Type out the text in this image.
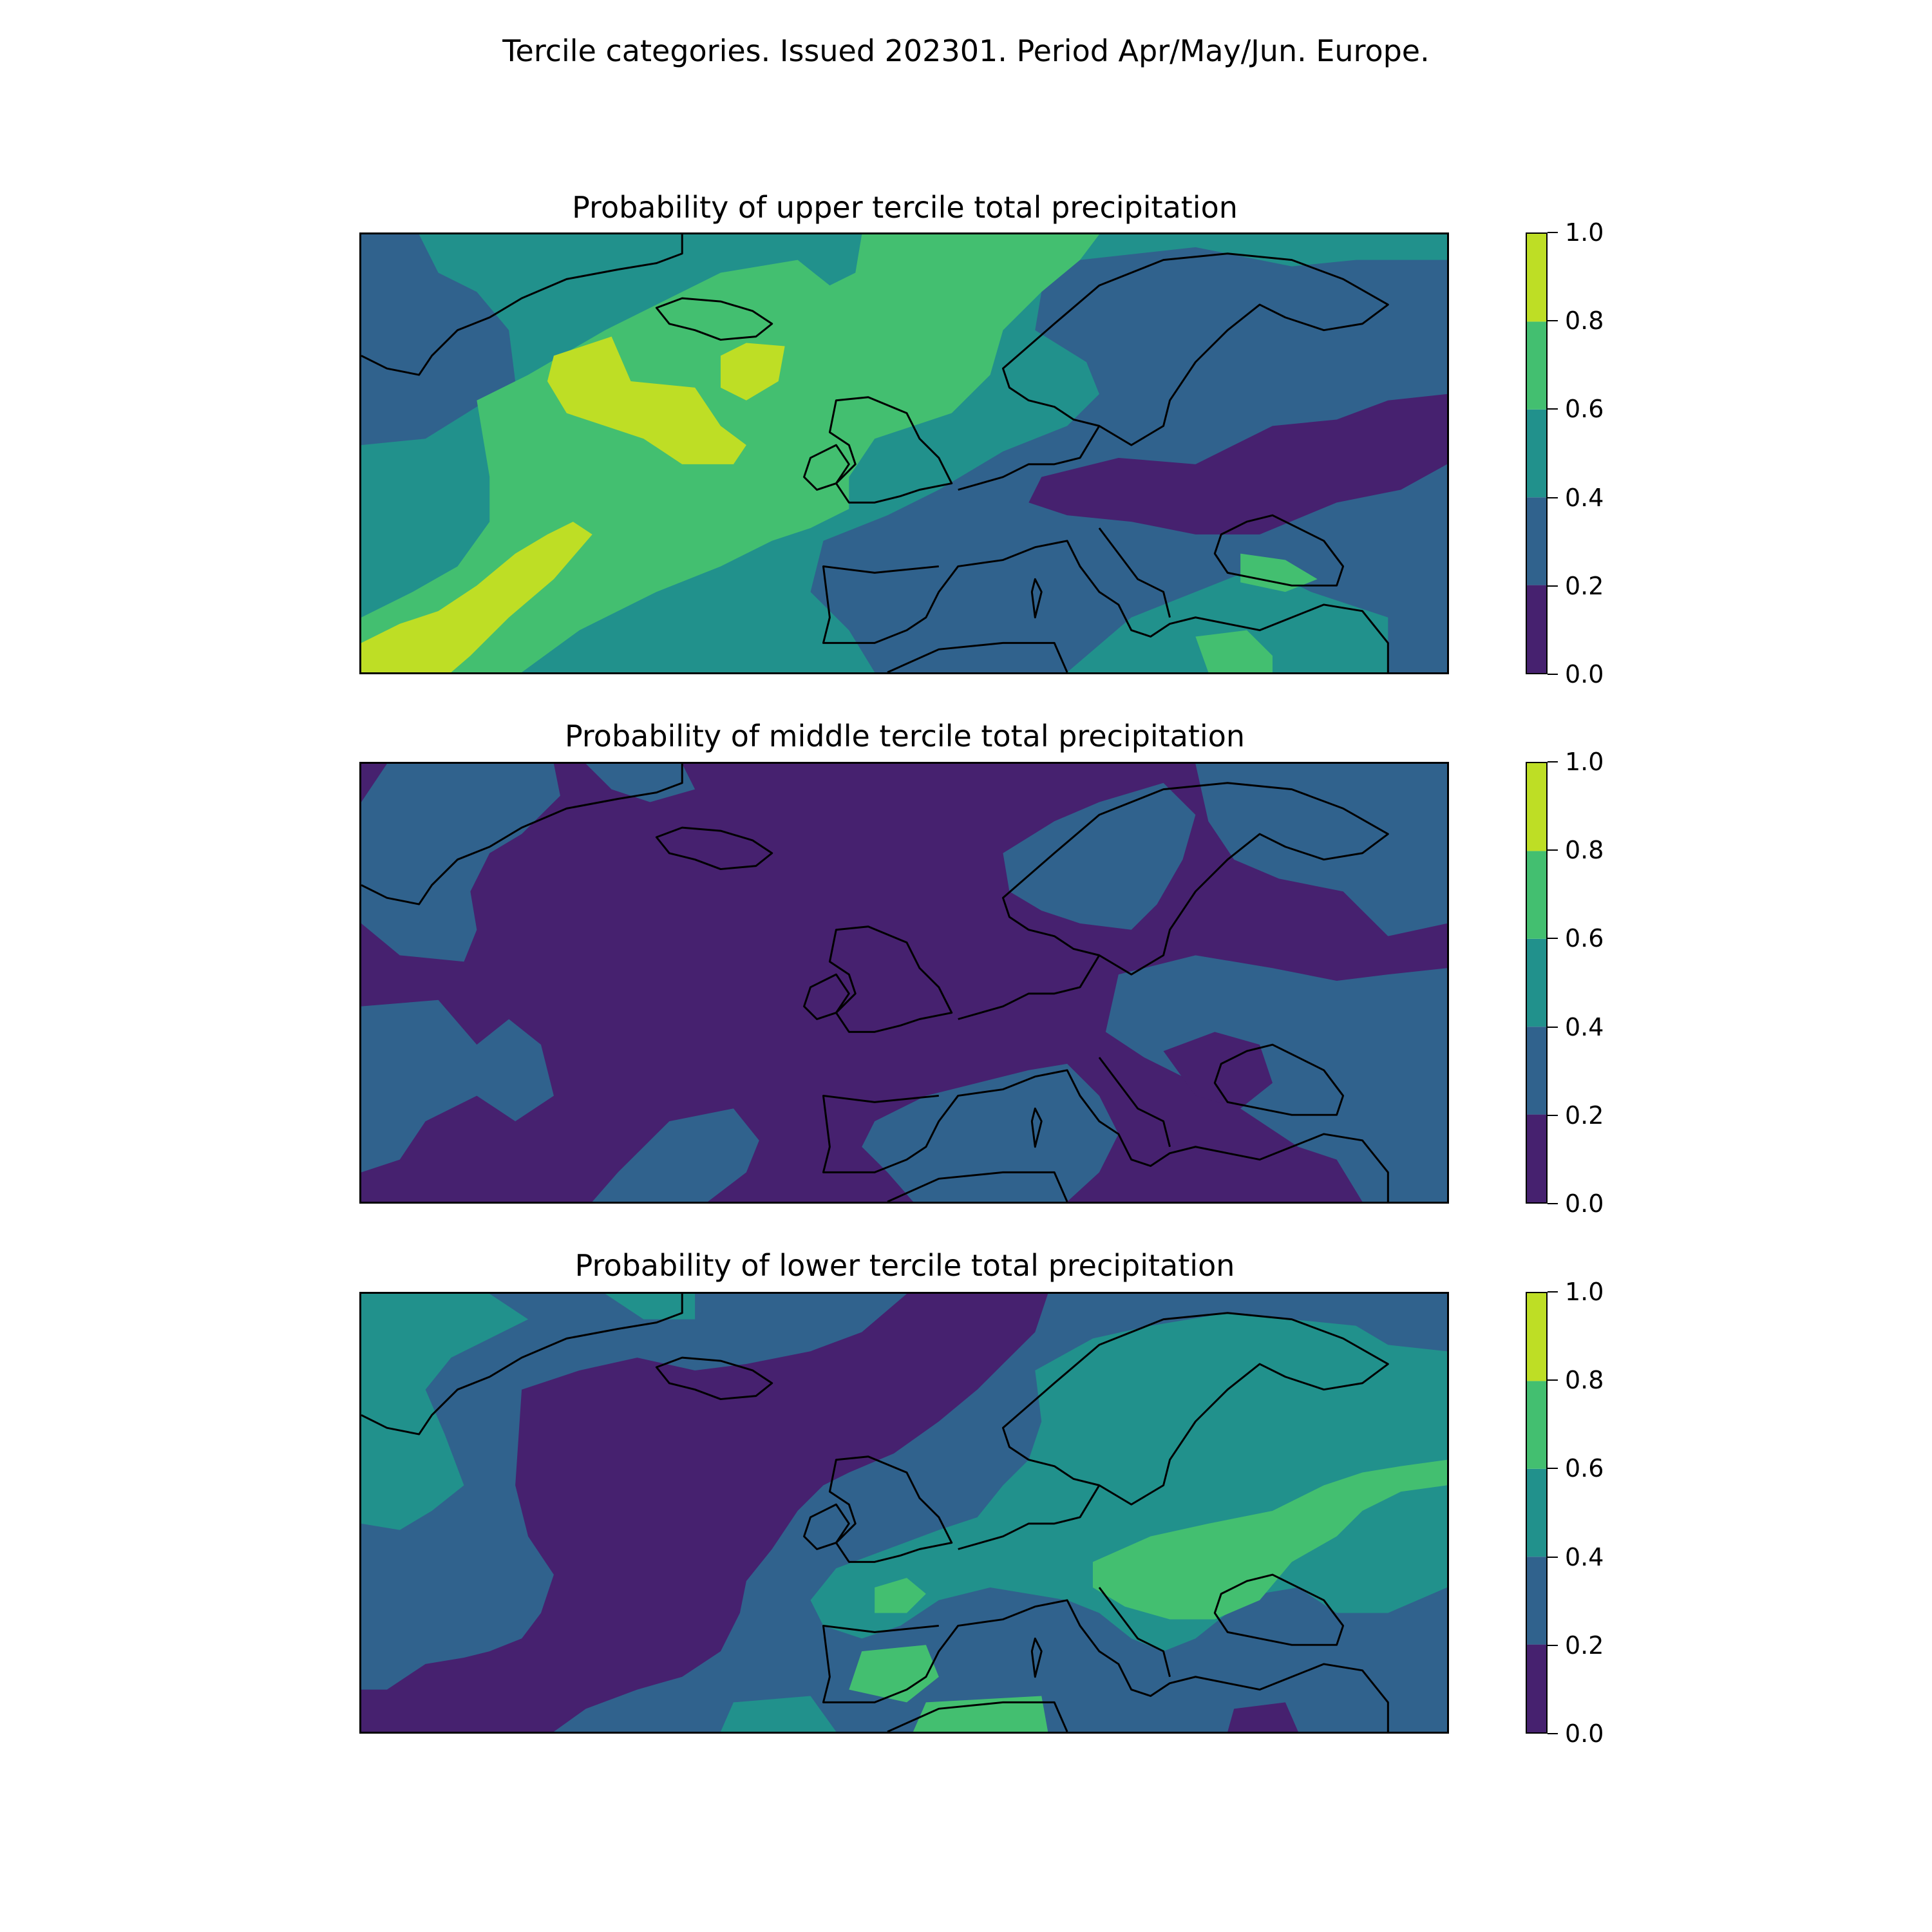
Tercile categories. Issued 202301. Period Apr/May/Jun. Europe.
Probability of upper tercile total precipitation
1.0
0.8
0.6
0.4
0.2
0.0
Probability of middle tercile total precipitation
1.0
0.8
0.6
0.4
0.2
0.0
Probability of lower tercile total precipitation
1.0
0.8
0.6
0.4
0.2
0.0
